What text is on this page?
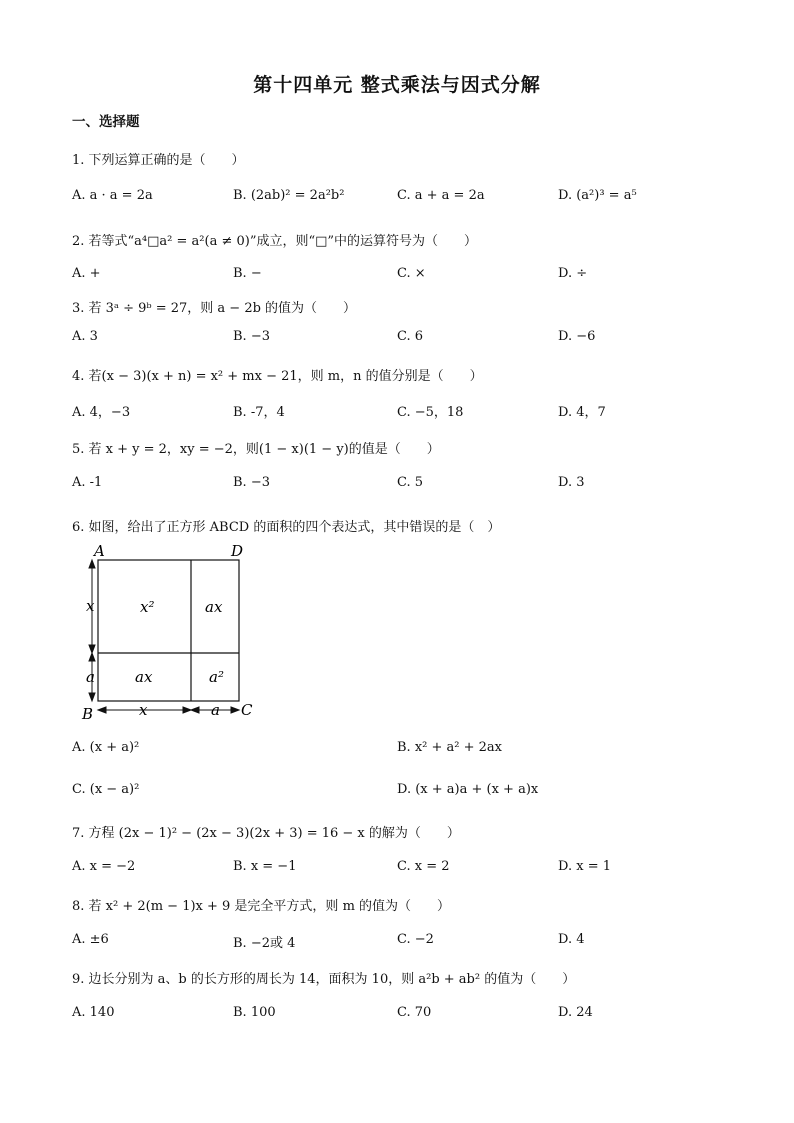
第十四单元 整式乘法与因式分解
一、选择题
1. 下列运算正确的是（　　）
A. a · a = 2a	B. (2ab)² = 2a²b²	C. a + a = 2a	D. (a²)³ = a⁵
2. 若等式“a⁴□a² = a²(a ≠ 0)”成立，则“□”中的运算符号为（　　）
A. +	B. −	C. ×	D. ÷
3. 若 3ᵃ ÷ 9ᵇ = 27，则 a − 2b 的值为（　　）
A. 3	B. −3	C. 6	D. −6
4. 若(x − 3)(x + n) = x² + mx − 21，则 m，n 的值分别是（　　）
A. 4，−3	B. -7，4	C. −5，18	D. 4，7
5. 若 x + y = 2，xy = −2，则(1 − x)(1 − y)的值是（　　）
A. -1	B. −3	C. 5	D. 3
6. 如图，给出了正方形 ABCD 的面积的四个表达式，其中错误的是（　）
A	D
B	C
x²	ax
ax	a²
x
a
x	a
A. (x + a)²	B. x² + a² + 2ax
C. (x − a)²	D. (x + a)a + (x + a)x
7. 方程 (2x − 1)² − (2x − 3)(2x + 3) = 16 − x 的解为（　　）
A. x = −2	B. x = −1	C. x = 2	D. x = 1
8. 若 x² + 2(m − 1)x + 9 是完全平方式，则 m 的值为（　　）
A. ±6	B. −2或 4	C. −2	D. 4
9. 边长分别为 a、b 的长方形的周长为 14，面积为 10，则 a²b + ab² 的值为（　　）
A. 140	B. 100	C. 70	D. 24
